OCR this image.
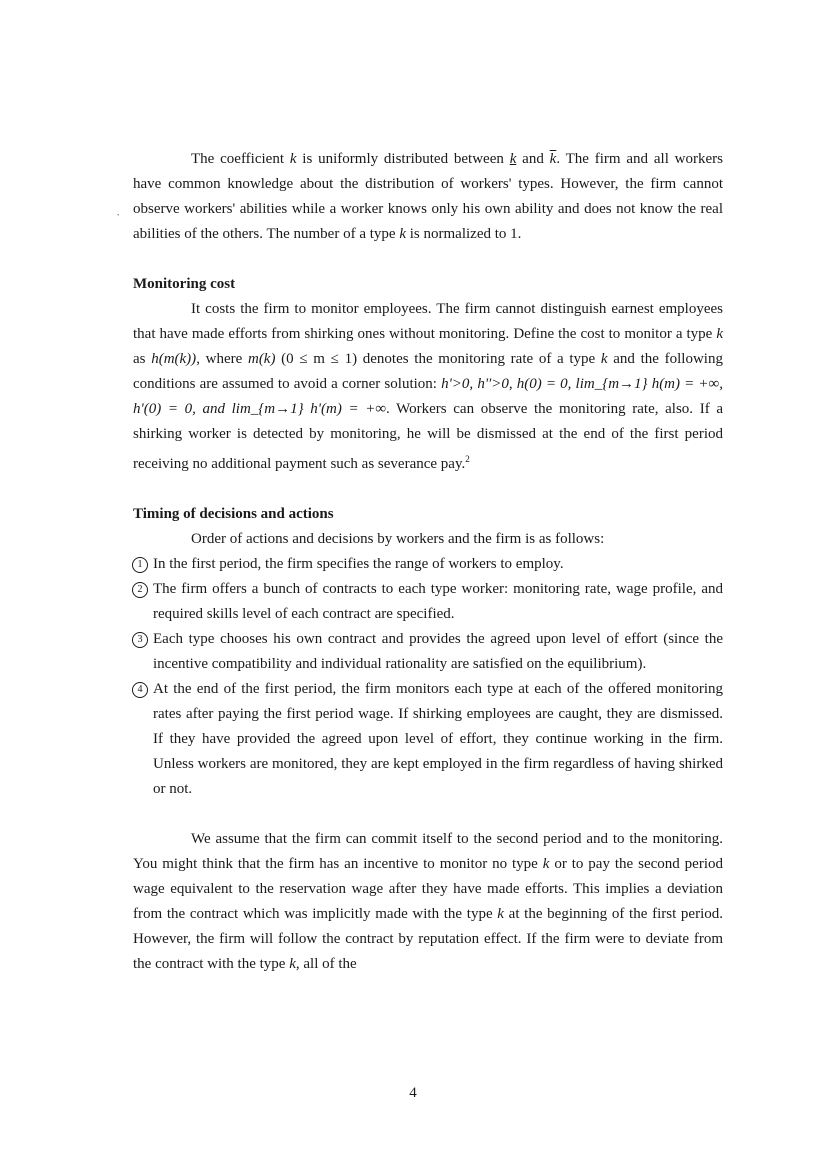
·

The coefficient k is uniformly distributed between k and $\overline{k}$. The firm and all workers have common knowledge about the distribution of workers' types. However, the firm cannot observe workers' abilities while a worker knows only his own ability and does not know the real abilities of the others. The number of a type k is normalized to 1.

Monitoring cost

It costs the firm to monitor employees. The firm cannot distinguish earnest employees that have made efforts from shirking ones without monitoring. Define the cost to monitor a type k as h(m(k)), where m(k) (0 ≤ m ≤ 1) denotes the monitoring rate of a type k and the following conditions are assumed to avoid a corner solution: h'>0, h''>0, h(0) = 0, lim_{m→1} h(m) = +∞, h'(0) = 0, and lim_{m→1} h'(m) = +∞. Workers can observe the monitoring rate, also. If a shirking worker is detected by monitoring, he will be dismissed at the end of the first period receiving no additional payment such as severance pay.$^2$

Timing of decisions and actions

Order of actions and decisions by workers and the firm is as follows:

1 In the first period, the firm specifies the range of workers to employ.
2 The firm offers a bunch of contracts to each type worker: monitoring rate, wage profile, and required skills level of each contract are specified.
3 Each type chooses his own contract and provides the agreed upon level of effort (since the incentive compatibility and individual rationality are satisfied on the equilibrium).
4 At the end of the first period, the firm monitors each type at each of the offered monitoring rates after paying the first period wage. If shirking employees are caught, they are dismissed. If they have provided the agreed upon level of effort, they continue working in the firm. Unless workers are monitored, they are kept employed in the firm regardless of having shirked or not.

We assume that the firm can commit itself to the second period and to the monitoring. You might think that the firm has an incentive to monitor no type k or to pay the second period wage equivalent to the reservation wage after they have made efforts. This implies a deviation from the contract which was implicitly made with the type k at the beginning of the first period. However, the firm will follow the contract by reputation effect. If the firm were to deviate from the contract with the type k, all of the

4
